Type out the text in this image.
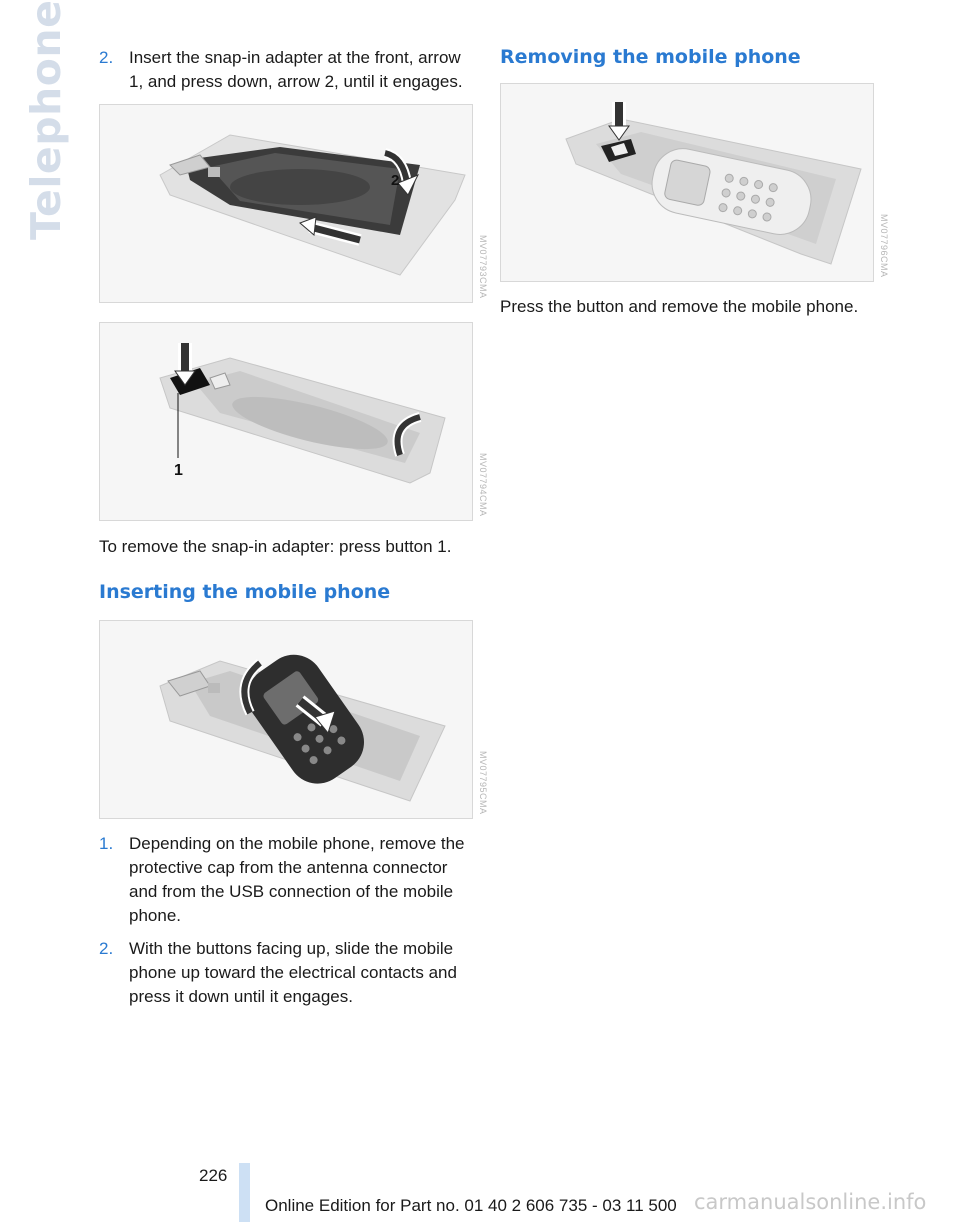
Telephone 2. Insert the snap-in adapter at the front, arrow 1, and press down, arrow 2, until it engages.
2
MV07793CMA
1	MV07794CMA
To remove the snap-in adapter: press button 1.
Inserting the mobile phone
MV07795CMA
1. Depending on the mobile phone, remove the protective cap from the antenna connector and from the USB connection of the mobile phone.
2. With the buttons facing up, slide the mobile phone up toward the electrical contacts and press it down until it engages.
Removing the mobile phone
MV07796CMA
Press the button and remove the mobile phone.
226
Online Edition for Part no. 01 40 2 606 735 - 03 11 500 carmanualsonline.info
